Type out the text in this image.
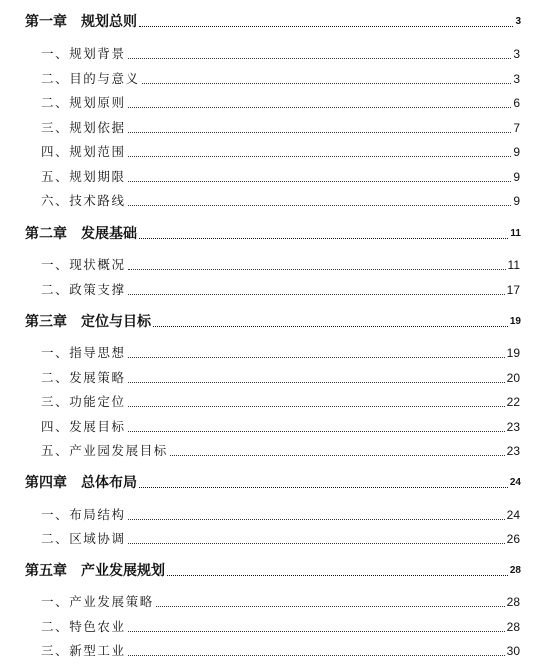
第一章 规划总则	3
一、规划背景	3
二、目的与意义	3
二、规划原则	6
三、规划依据	7
四、规划范围	9
五、规划期限	9
六、技术路线	9
第二章 发展基础	11
一、现状概况	11
二、政策支撑	17
第三章 定位与目标	19
一、指导思想	19
二、发展策略	20
三、功能定位	22
四、发展目标	23
五、产业园发展目标	23
第四章 总体布局	24
一、布局结构	24
二、区域协调	26
第五章 产业发展规划	28
一、产业发展策略	28
二、特色农业	28
三、新型工业	30
